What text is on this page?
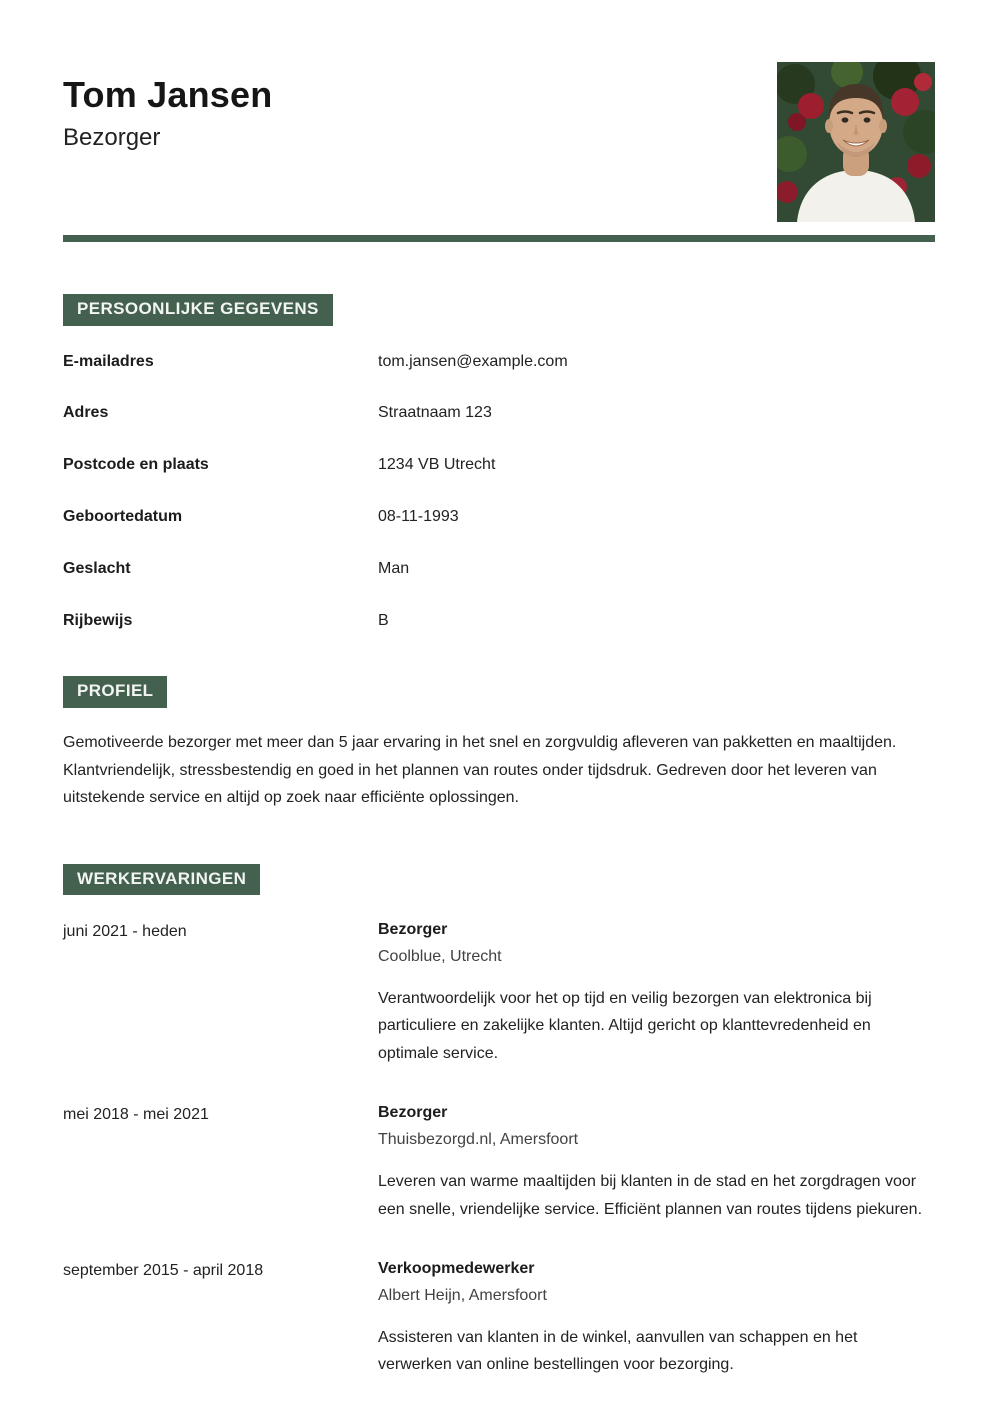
Tom Jansen
Bezorger
PERSOONLIJKE GEGEVENS
E-mailadres	tom.jansen@example.com
Adres	Straatnaam 123
Postcode en plaats	1234 VB Utrecht
Geboortedatum	08-11-1993
Geslacht	Man
Rijbewijs	B
PROFIEL

Gemotiveerde bezorger met meer dan 5 jaar ervaring in het snel en zorgvuldig afleveren van pakketten en maaltijden. Klantvriendelijk, stressbestendig en goed in het plannen van routes onder tijdsdruk. Gedreven door het leveren van uitstekende service en altijd op zoek naar efficiënte oplossingen.

WERKERVARINGEN
juni 2021 - heden	Bezorger
Coolblue, Utrecht
Verantwoordelijk voor het op tijd en veilig bezorgen van elektronica bij particuliere en zakelijke klanten. Altijd gericht op klanttevredenheid en optimale service.
mei 2018 - mei 2021	Bezorger
Thuisbezorgd.nl, Amersfoort
Leveren van warme maaltijden bij klanten in de stad en het zorgdragen voor een snelle, vriendelijke service. Efficiënt plannen van routes tijdens piekuren.
september 2015 - april 2018	Verkoopmedewerker
Albert Heijn, Amersfoort
Assisteren van klanten in de winkel, aanvullen van schappen en het verwerken van online bestellingen voor bezorging.
